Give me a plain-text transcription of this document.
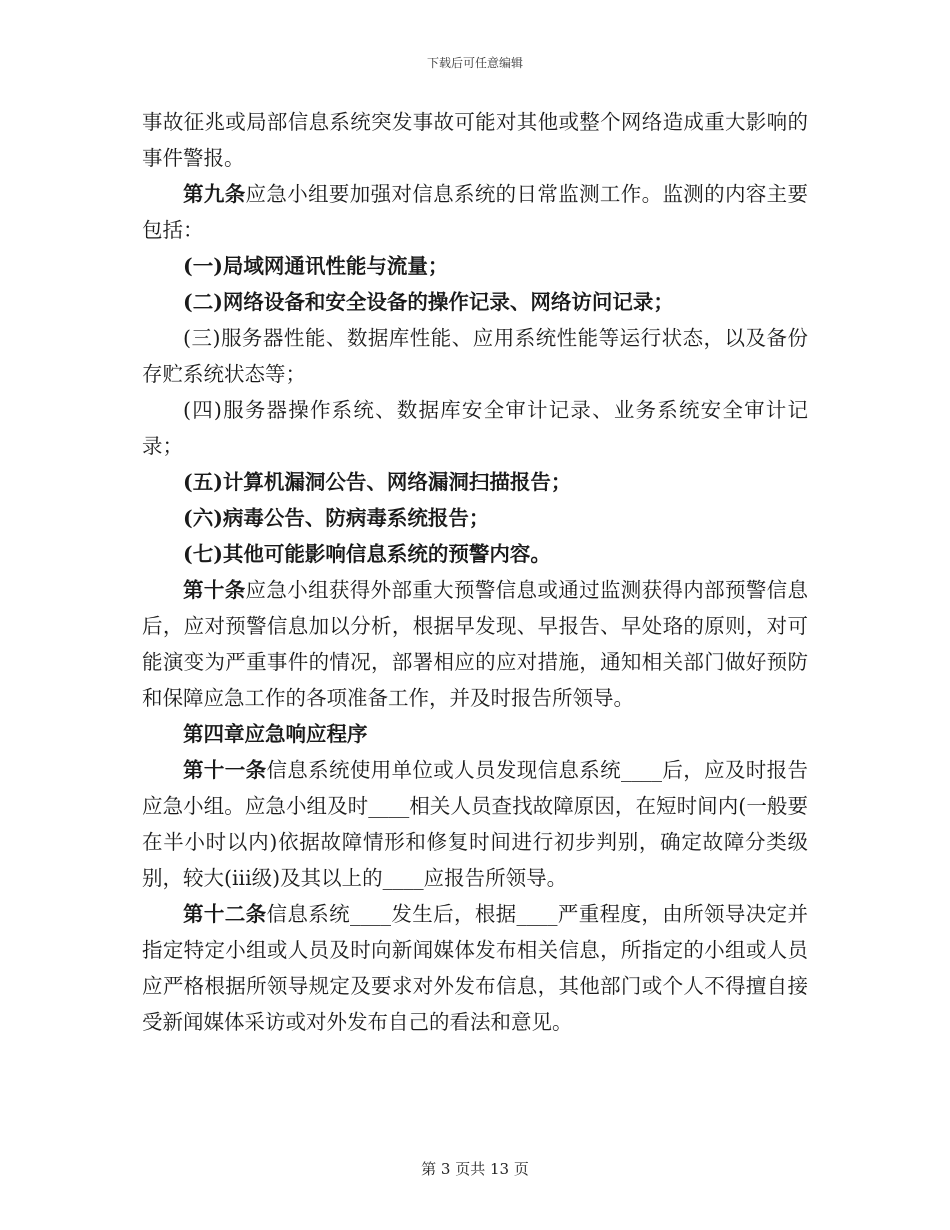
下载后可任意编辑

事故征兆或局部信息系统突发事故可能对其他或整个网络造成重大影响的事件警报。

第九条应急小组要加强对信息系统的日常监测工作。监测的内容主要包括：

(一)局域网通讯性能与流量；

(二)网络设备和安全设备的操作记录、网络访问记录；

(三)服务器性能、数据库性能、应用系统性能等运行状态，以及备份存贮系统状态等；

(四)服务器操作系统、数据库安全审计记录、业务系统安全审计记录；

(五)计算机漏洞公告、网络漏洞扫描报告；

(六)病毒公告、防病毒系统报告；

(七)其他可能影响信息系统的预警内容。

第十条应急小组获得外部重大预警信息或通过监测获得内部预警信息后，应对预警信息加以分析，根据早发现、早报告、早处珞的原则，对可能演变为严重事件的情况，部署相应的应对措施，通知相关部门做好预防和保障应急工作的各项准备工作，并及时报告所领导。

第四章应急响应程序

第十一条信息系统使用单位或人员发现信息系统____后，应及时报告应急小组。应急小组及时____相关人员查找故障原因，在短时间内(一般要在半小时以内)依据故障情形和修复时间进行初步判别，确定故障分类级别，较大(iii级)及其以上的____应报告所领导。

第十二条信息系统____发生后，根据____严重程度，由所领导决定并指定特定小组或人员及时向新闻媒体发布相关信息，所指定的小组或人员应严格根据所领导规定及要求对外发布信息，其他部门或个人不得擅自接受新闻媒体采访或对外发布自己的看法和意见。

第 3 页共 13 页
